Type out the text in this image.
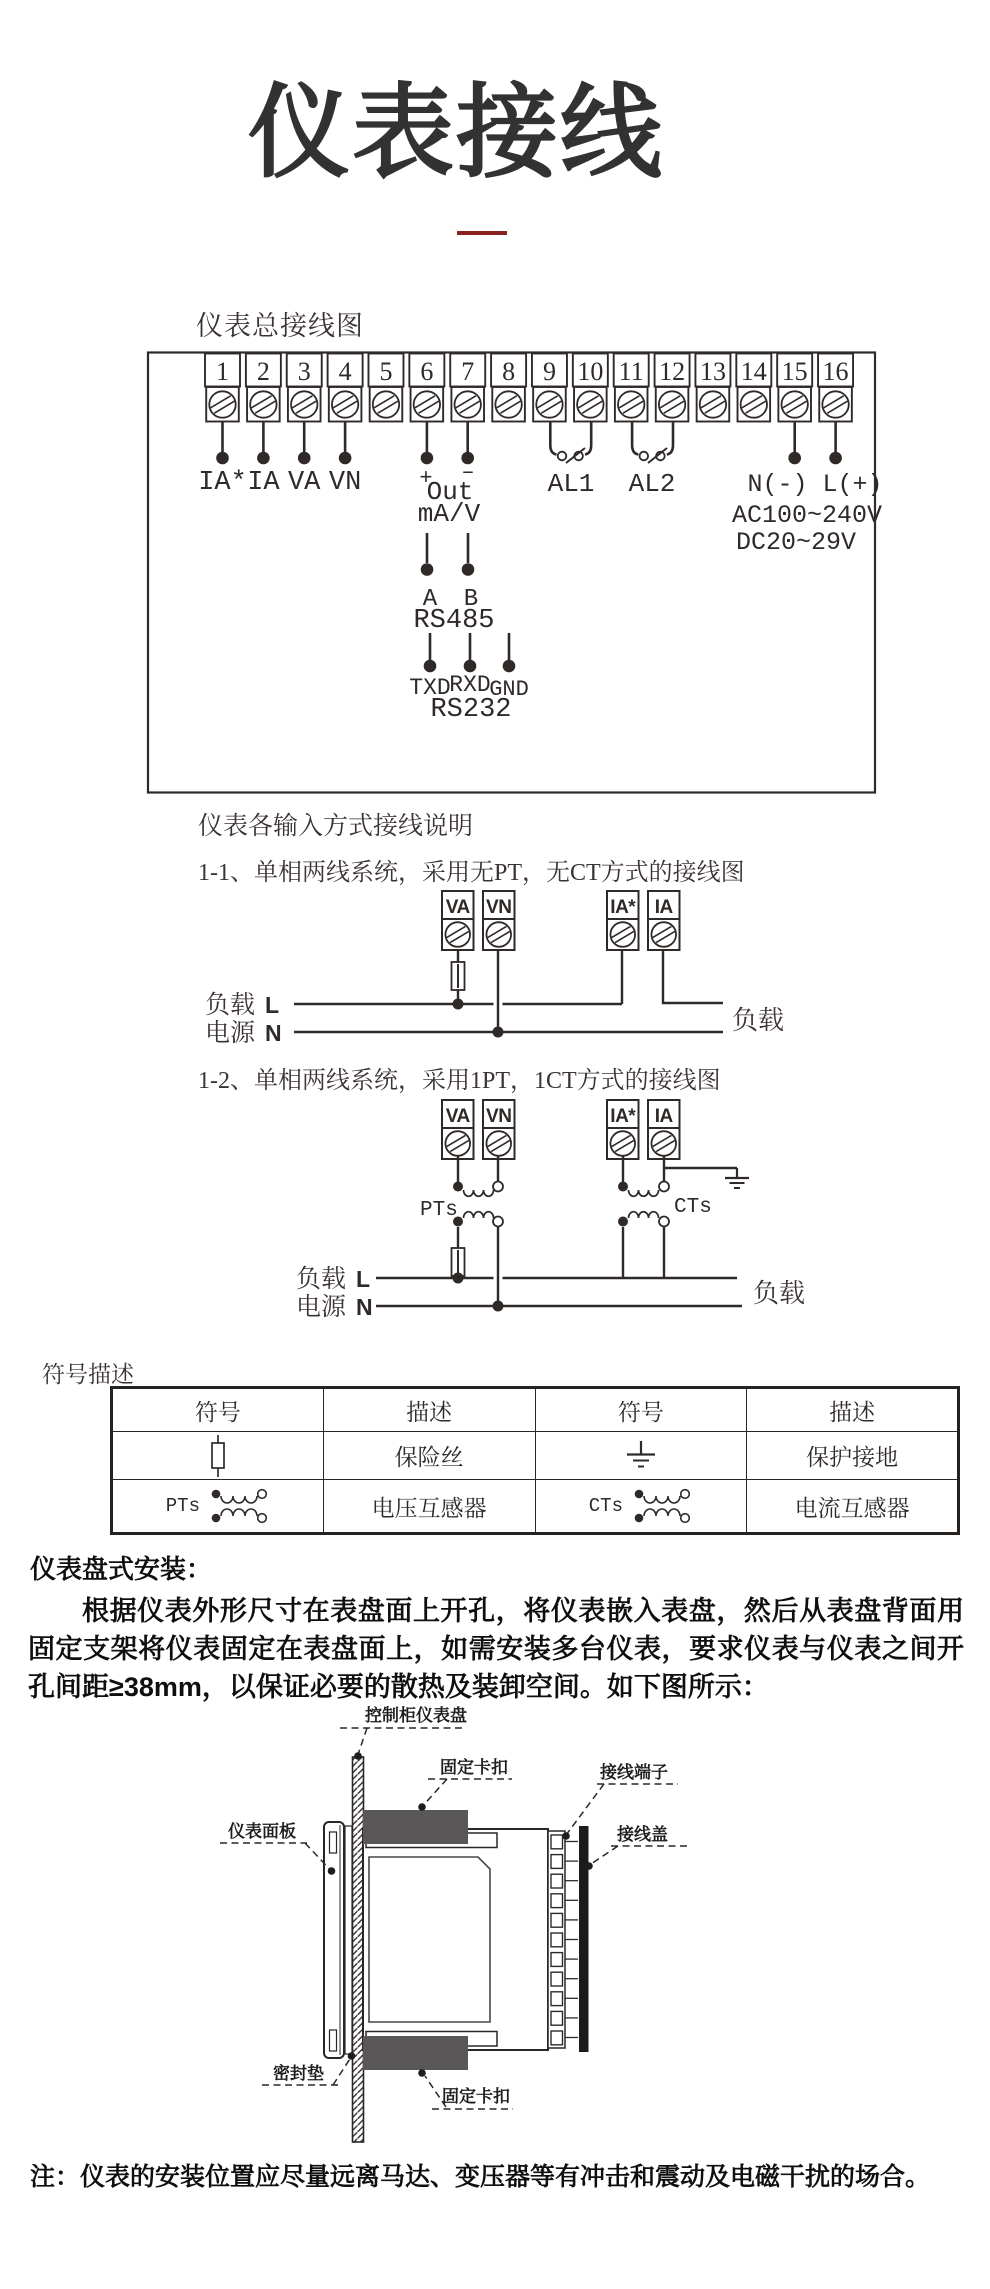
仪表接线
仪表总接线图
1 2 3 4 5 6 7 8 9 10 11 12 13 14 15 16
IA* IA VA VN	+
Out
–
mA/V
AL1 AL2
A B
RS485
TXD
RXD
GND
RS232
N(-) L(+)
AC100~240V
DC20~29V
仪表各输入方式接线说明
1-1、单相两线系统，采用无PT，无CT方式的接线图
VA VN	IA* IA
负载 L
电源 N	负载
1-2、单相两线系统，采用1PT，1CT方式的接线图
VA VN	IA* IA
PTs	CTs
负载 L
电源 N	负载
符号描述
符号	描述	符号	描述

	保险丝		保护接地

PTs	电压互感器	CTs	电流互感器
仪表盘式安装：
根据仪表外形尺寸在表盘面上开孔，将仪表嵌入表盘，然后从表盘背面用固定支架将仪表固定在表盘面上，如需安装多台仪表，要求仪表与仪表之间开孔间距≥38mm，以保证必要的散热及装卸空间。如下图所示：
控制柜仪表盘
固定卡扣	接线端子
接线盖
仪表面板
密封垫
固定卡扣
注：仪表的安装位置应尽量远离马达、变压器等有冲击和震动及电磁干扰的场合。
